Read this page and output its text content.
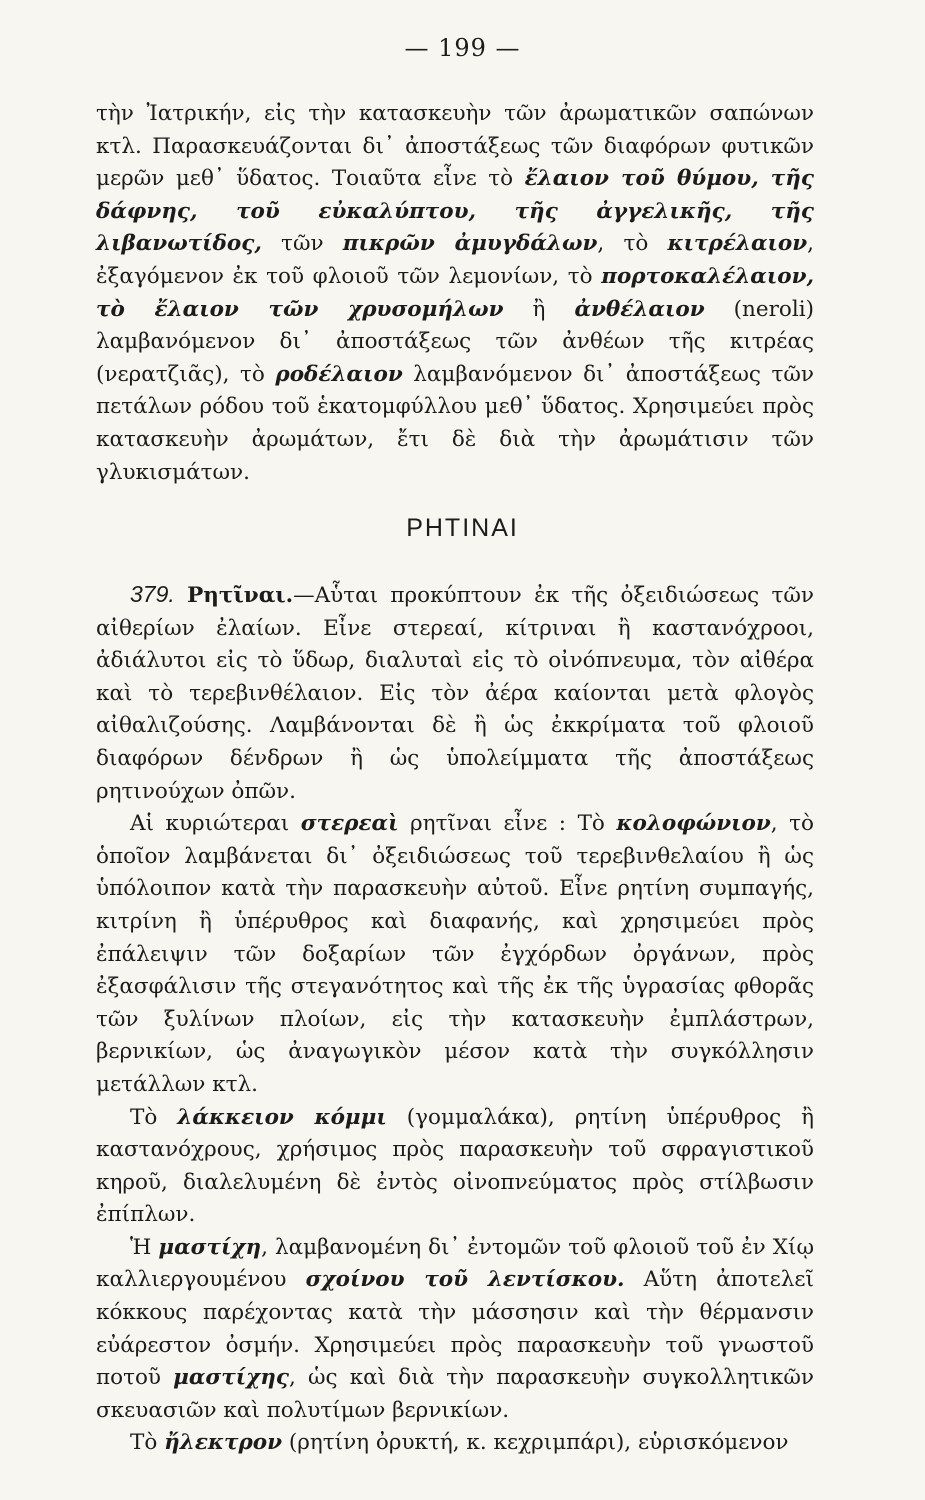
— 199 —

τὴν Ἰατρικήν, εἰς τὴν κατασκευὴν τῶν ἀρωματικῶν σαπώνων κτλ. Παρασκευάζονται δι᾽ ἀποστάξεως τῶν διαφόρων φυτικῶν μερῶν μεθ᾽ ὕδατος. Τοιαῦτα εἶνε τὸ ἔλαιον τοῦ θύμου, τῆς δάφνης, τοῦ εὐκαλύπτου, τῆς ἀγγελικῆς, τῆς λιβανωτίδος, τῶν πικρῶν ἀμυγδάλων, τὸ κιτρέλαιον, ἐξαγόμενον ἐκ τοῦ φλοιοῦ τῶν λεμονίων, τὸ πορτοκαλέλαιον, τὸ ἔλαιον τῶν χρυσομήλων ἢ ἀνθέλαιον (neroli) λαμβανόμενον δι᾽ ἀποστάξεως τῶν ἀνθέων τῆς κιτρέας (νερατζιᾶς), τὸ ροδέλαιον λαμβανόμενον δι᾽ ἀποστάξεως τῶν πετάλων ρόδου τοῦ ἑκατομφύλλου μεθ᾽ ὕδατος. Χρησιμεύει πρὸς κατασκευὴν ἀρωμάτων, ἔτι δὲ διὰ τὴν ἀρωμάτισιν τῶν γλυκισμάτων.

ΡΗΤΙΝΑΙ

379. Ρητῖναι.—Αὗται προκύπτουν ἐκ τῆς ὀξειδιώσεως τῶν αἰθερίων ἐλαίων. Εἶνε στερεαί, κίτριναι ἢ καστανόχροοι, ἀδιάλυτοι εἰς τὸ ὕδωρ, διαλυταὶ εἰς τὸ οἰνόπνευμα, τὸν αἰθέρα καὶ τὸ τερεβινθέλαιον. Εἰς τὸν ἀέρα καίονται μετὰ φλογὸς αἰθαλιζούσης. Λαμβάνονται δὲ ἢ ὡς ἐκκρίματα τοῦ φλοιοῦ διαφόρων δένδρων ἢ ὡς ὑπολείμματα τῆς ἀποστάξεως ρητινούχων ὀπῶν.

Αἱ κυριώτεραι στερεαὶ ρητῖναι εἶνε : Τὸ κολοφώνιον, τὸ ὁποῖον λαμβάνεται δι᾽ ὀξειδιώσεως τοῦ τερεβινθελαίου ἢ ὡς ὑπόλοιπον κατὰ τὴν παρασκευὴν αὐτοῦ. Εἶνε ρητίνη συμπαγής, κιτρίνη ἢ ὑπέρυθρος καὶ διαφανής, καὶ χρησιμεύει πρὸς ἐπάλειψιν τῶν δοξαρίων τῶν ἐγχόρδων ὀργάνων, πρὸς ἐξασφάλισιν τῆς στεγανότητος καὶ τῆς ἐκ τῆς ὑγρασίας φθορᾶς τῶν ξυλίνων πλοίων, εἰς τὴν κατασκευὴν ἐμπλάστρων, βερνικίων, ὡς ἀναγωγικὸν μέσον κατὰ τὴν συγκόλλησιν μετάλλων κτλ.

Τὸ λάκκειον κόμμι (γομμαλάκα), ρητίνη ὑπέρυθρος ἢ καστανόχρους, χρήσιμος πρὸς παρασκευὴν τοῦ σφραγιστικοῦ κηροῦ, διαλελυμένη δὲ ἐντὸς οἰνοπνεύματος πρὸς στίλβωσιν ἐπίπλων.

Ἡ μαστίχη, λαμβανομένη δι᾽ ἐντομῶν τοῦ φλοιοῦ τοῦ ἐν Χίῳ καλλιεργουμένου σχοίνου τοῦ λεντίσκου. Αὕτη ἀποτελεῖ κόκκους παρέχοντας κατὰ τὴν μάσσησιν καὶ τὴν θέρμανσιν εὐάρεστον ὀσμήν. Χρησιμεύει πρὸς παρασκευὴν τοῦ γνωστοῦ ποτοῦ μαστίχης, ὡς καὶ διὰ τὴν παρασκευὴν συγκολλητικῶν σκευασιῶν καὶ πολυτίμων βερνικίων.

Τὸ ἤλεκτρον (ρητίνη ὀρυκτή, κ. κεχριμπάρι), εὑρισκόμενον
